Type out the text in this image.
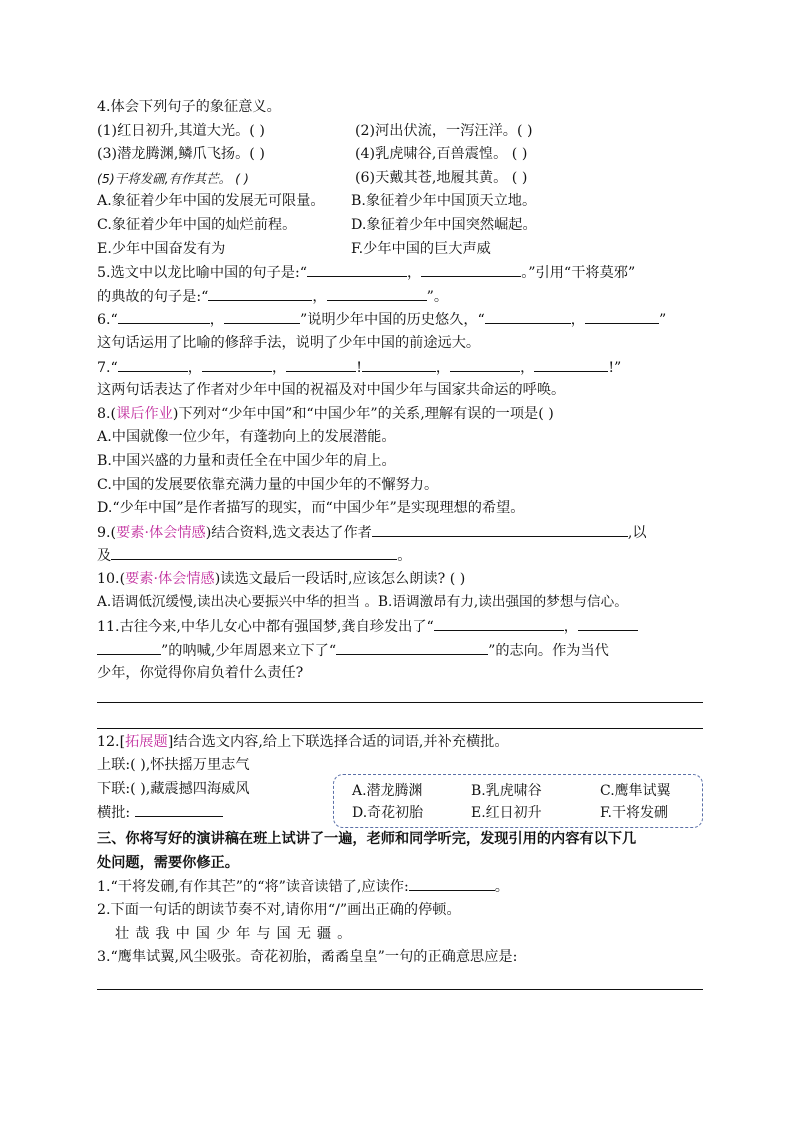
4.体会下列句子的象征意义。
(1)红日初升,其道大光。( )	(2)河出伏流，一泻汪洋。( )
(3)潜龙腾渊,鳞爪飞扬。( )	(4)乳虎啸谷,百兽震惶。 ( )
(5)干将发硎,有作其芒。 ( )	(6)天戴其苍,地履其黄。 ( )
A.象征着少年中国的发展无可限量。	B.象征着少年中国顶天立地。
C.象征着少年中国的灿烂前程。	D.象征着少年中国突然崛起。
E.少年中国奋发有为	F.少年中国的巨大声威
5.选文中以龙比喻中国的句子是:“	，	。”引用“干将莫邪”
的典故的句子是:“	，	”。
6.“	，	”说明少年中国的历史悠久，“	，	”
这句话运用了比喻的修辞手法，说明了少年中国的前途远大。
7.“	，	，	!	，	，	!”
这两句话表达了作者对少年中国的祝福及对中国少年与国家共命运的呼唤。
8.(课后作业)下列对“少年中国”和“中国少年”的关系,理解有误的一项是( )
A.中国就像一位少年，有蓬勃向上的发展潜能。
B.中国兴盛的力量和责任全在中国少年的肩上。
C.中国的发展要依靠充满力量的中国少年的不懈努力。
D.“少年中国”是作者描写的现实，而“中国少年”是实现理想的希望。
9.(要素·体会情感)结合资料,选文表达了作者	,以
及	。
10.(要素·体会情感)读选文最后一段话时,应该怎么朗读? ( )
A.语调低沉缓慢,读出决心要振兴中华的担当 。B.语调激昂有力,读出强国的梦想与信心。
11.古往今来,中华儿女心中都有强国梦,龚自珍发出了“	，
”的呐喊,少年周恩来立下了“	”的志向。作为当代
少年，你觉得你肩负着什么责任?
12.[拓展题]结合选文内容,给上下联选择合适的词语,并补充横批。
上联:( ),怀扶摇万里志气
下联:( ),藏震撼四海威风
横批:
三、你将写好的演讲稿在班上试讲了一遍，老师和同学听完，发现引用的内容有以下几
处问题，需要你修正。
1.“干将发硎,有作其芒”的“将”读音读错了,应读作:	。
2.下面一句话的朗读节奏不对,请你用“/”画出正确的停顿。
壮哉我中国少年与国无疆。
3.“鹰隼试翼,风尘吸张。奇花初胎，矞矞皇皇”一句的正确意思应是:
A.潜龙腾渊	B.乳虎啸谷	C.鹰隼试翼
D.奇花初胎	E.红日初升	F.干将发硎
